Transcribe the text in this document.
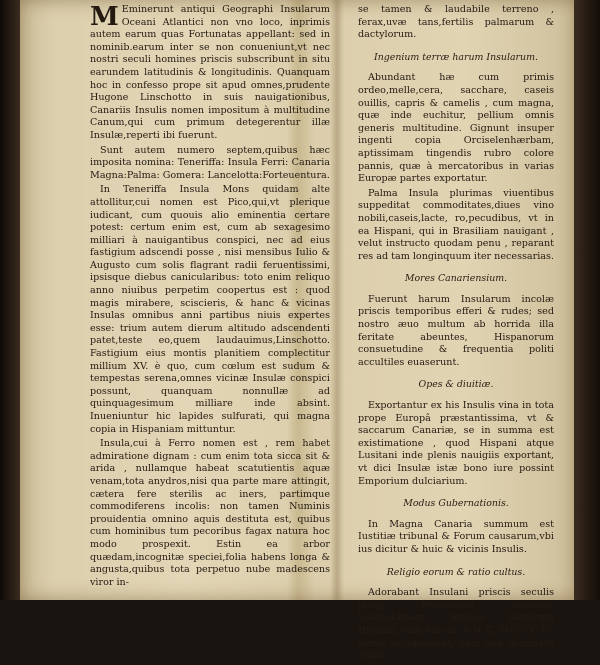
M Eminerunt antiqui Geographi Insularum Oceani Atlantici non vno loco, inprimis autem earum quas Fortunatas appellant: sed in nominib.earum inter se non conueniunt,vt nec nostri seculi homines priscis subscribunt in situ earundem latitudinis & longitudinis. Quanquam hoc in confesso prope sit apud omnes,prudente Hugone Linschotto in suis nauigationibus, Canariis Insulis nomen impositum à multitudine Canum,qui cum primum detegerentur illæ Insulæ,reperti ibi fuerunt.

Sunt autem numero septem,quibus hæc imposita nomina: Teneriffa: Insula Ferri: Canaria Magna:Palma: Gomera: Lancelotta:Forteuentura.

In Teneriffa Insula Mons quidam alte attollitur,cui nomen est Pico,qui,vt plerique iudicant, cum quouis alio eminentia certare potest: certum enim est, cum ab sexagesimo milliari à nauigantibus conspici, nec ad eius fastigium adscendi posse , nisi mensibus Iulio & Augusto cum solis flagrant radii feruentissimi, ipsisque diebus canicularibus: toto enim reliquo anno niuibus perpetim coopertus est : quod magis mirabere, sciscieris, & hanc & vicinas Insulas omnibus anni partibus niuis expertes esse: trium autem dierum altitudo adscendenti patet,teste eo,quem laudauimus,Linschotto. Fastigium eius montis planitiem complectitur millium XV. è quo, cum cœlum est sudum & tempestas serena,omnes vicinæ Insulæ conspici possunt, quanquam nonnullæ ad quinquagesimum milliare inde absint. Inueniuntur hic lapides sulfurati, qui magna copia in Hispaniam mittuntur.

Insula,cui à Ferro nomen est , rem habet admiratione dignam : cum enim tota sicca sit & arida , nullamque habeat scatutientis aquæ venam,tota anydros,nisi qua parte mare attingit, cætera fere sterilis ac iners, partimque commodiferens incolis: non tamen Numinis prouidentia omnino aquis destituta est, quibus cum hominibus tum pecoribus fagax natura hoc modo prospexit. Estin ea arbor quædam,incognitæ speciei,folia habens longa & angusta,quibus tota perpetuo nube madescens viror in-

se tamen & laudabile terreno , ferax,uvæ tans,fertilis palmarum & dactylorum.

Ingenium terræ harum Insularum.

Abundant hæ cum primis ordeo,melle,cera, sacchare, caseis ouillis, capris & camelis , cum magna, quæ inde euchitur, pellium omnis generis multitudine. Gignunt insuper ingenti copia Orciselenhærbam, aptissimam tingendis rubro colore pannis, quæ à mercatoribus in varias Europæ partes exportatur.

Palma Insula plurimas viuentibus suppeditat commoditates,diues vino nobili,caseis,lacte, ro,pecudibus, vt in ea Hispani, qui in Brasiliam nauigant , velut instructo quodam penu , reparant res ad tam longinquum iter necessarias.

Mores Canariensium.

Fuerunt harum Insularum incolæ priscis temporibus efferi & rudes; sed nostro æuo multum ab horrida illa feritate abeuntes, Hispanorum consuetudine & frequentia politi accultiles euaserunt.

Opes & diuitiæ.

Exportantur ex his Insulis vina in tota prope Europâ præstantissima, vt & saccarum Canariæ, se in summa est existimatione , quod Hispani atque Lusitani inde plenis nauigiis exportant, vt dici Insulæ istæ bono iure possint Emporium dulciarium.

Modus Gubernationis.

In Magna Canaria summum est Iustitiæ tribunal & Forum causarum,vbi ius dicitur & huic & vicinis Insulis.

Religio eorum & ratio cultus.

Adorabant Insulani priscis seculis proq; Numinibus colebant Solem,Lunam, Stellas: Cæterum Hispani, cum eas an. A N. C. MCCCC IV. armis occupassent, cum suo dominatu etiam
